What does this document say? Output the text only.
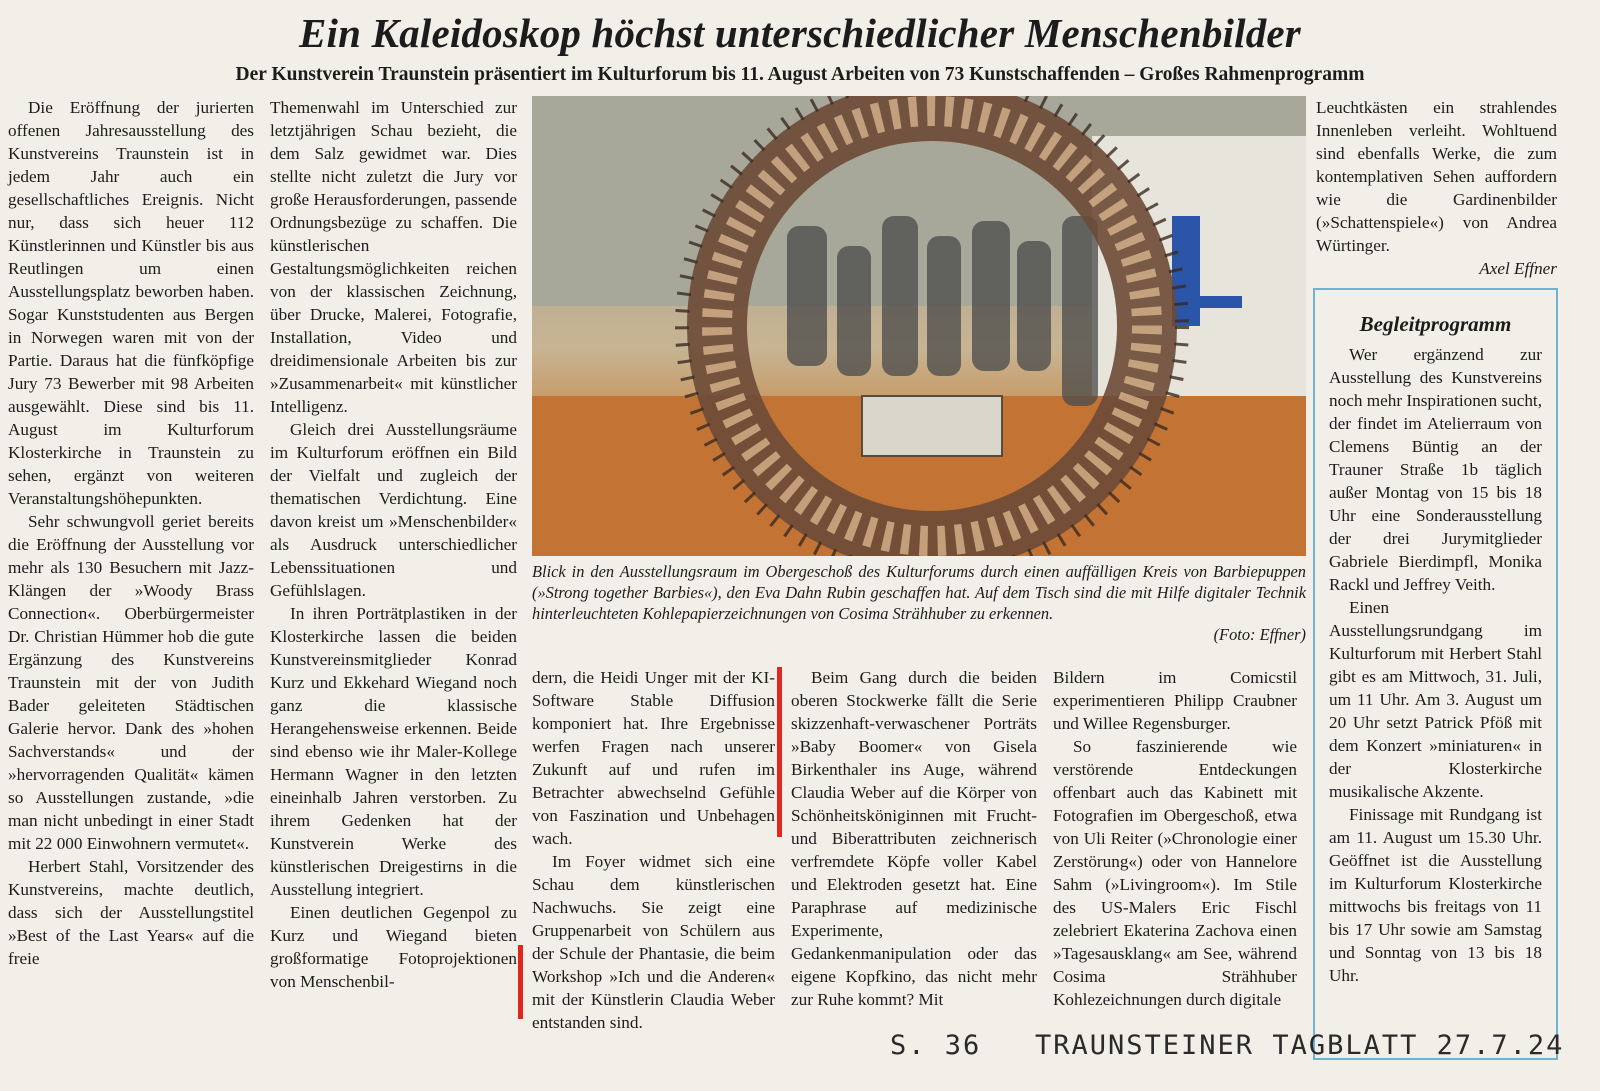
Ein Kaleidoskop höchst unterschiedlicher Menschenbilder
Der Kunstverein Traunstein präsentiert im Kulturforum bis 11. August Arbeiten von 73 Kunstschaffenden – Großes Rahmenprogramm

Die Eröffnung der jurierten offenen Jahresausstellung des Kunstvereins Traunstein ist in jedem Jahr auch ein gesellschaftliches Ereignis. Nicht nur, dass sich heuer 112 Künstlerinnen und Künstler bis aus Reutlingen um einen Ausstellungsplatz beworben haben. Sogar Kunststudenten aus Bergen in Norwegen waren mit von der Partie. Daraus hat die fünfköpfige Jury 73 Bewerber mit 98 Arbeiten ausgewählt. Diese sind bis 11. August im Kulturforum Klosterkirche in Traunstein zu sehen, ergänzt von weiteren Veranstaltungshöhepunkten.

Sehr schwungvoll geriet bereits die Eröffnung der Ausstellung vor mehr als 130 Besuchern mit Jazz-Klängen der »Woody Brass Connection«. Oberbürgermeister Dr. Christian Hümmer hob die gute Ergänzung des Kunstvereins Traunstein mit der von Judith Bader geleiteten Städtischen Galerie hervor. Dank des »hohen Sachverstands« und der »hervorragenden Qualität« kämen so Ausstellungen zustande, »die man nicht unbedingt in einer Stadt mit 22 000 Einwohnern vermutet«.

Herbert Stahl, Vorsitzender des Kunstvereins, machte deutlich, dass sich der Ausstellungstitel »Best of the Last Years« auf die freie

Themenwahl im Unterschied zur letztjährigen Schau bezieht, die dem Salz gewidmet war. Dies stellte nicht zuletzt die Jury vor große Herausforderungen, passende Ordnungsbezüge zu schaffen. Die künstlerischen Gestaltungsmöglichkeiten reichen von der klassischen Zeichnung, über Drucke, Malerei, Fotografie, Installation, Video und dreidimensionale Arbeiten bis zur »Zusammenarbeit« mit künstlicher Intelligenz.

Gleich drei Ausstellungsräume im Kulturforum eröffnen ein Bild der Vielfalt und zugleich der thematischen Verdichtung. Eine davon kreist um »Menschenbilder« als Ausdruck unterschiedlicher Lebenssituationen und Gefühlslagen.

In ihren Porträtplastiken in der Klosterkirche lassen die beiden Kunstvereinsmitglieder Konrad Kurz und Ekkehard Wiegand noch ganz die klassische Herangehensweise erkennen. Beide sind ebenso wie ihr Maler-Kollege Hermann Wagner in den letzten eineinhalb Jahren verstorben. Zu ihrem Gedenken hat der Kunstverein Werke des künstlerischen Dreigestirns in die Ausstellung integriert.

Einen deutlichen Gegenpol zu Kurz und Wiegand bieten großformatige Fotoprojektionen von Menschenbil-

Blick in den Ausstellungsraum im Obergeschoß des Kulturforums durch einen auffälligen Kreis von Barbiepuppen (»Strong together Barbies«), den Eva Dahn Rubin geschaffen hat. Auf dem Tisch sind die mit Hilfe digitaler Technik hinterleuchteten Kohlepapierzeichnungen von Cosima Strähhuber zu erkennen.
(Foto: Effner)

dern, die Heidi Unger mit der KI-Software Stable Diffusion komponiert hat. Ihre Ergebnisse werfen Fragen nach unserer Zukunft auf und rufen im Betrachter abwechselnd Gefühle von Faszination und Unbehagen wach.

Im Foyer widmet sich eine Schau dem künstlerischen Nachwuchs. Sie zeigt eine Gruppenarbeit von Schülern aus der Schule der Phantasie, die beim Workshop »Ich und die Anderen« mit der Künstlerin Claudia Weber entstanden sind.

Beim Gang durch die beiden oberen Stockwerke fällt die Serie skizzenhaft-verwaschener Porträts »Baby Boomer« von Gisela Birkenthaler ins Auge, während Claudia Weber auf die Körper von Schönheitsköniginnen mit Frucht- und Biberattributen zeichnerisch verfremdete Köpfe voller Kabel und Elektroden gesetzt hat. Eine Paraphrase auf medizinische Experimente, Gedankenmanipulation oder das eigene Kopfkino, das nicht mehr zur Ruhe kommt? Mit

Bildern im Comicstil experimentieren Philipp Craubner und Willee Regensburger.

So faszinierende wie verstörende Entdeckungen offenbart auch das Kabinett mit Fotografien im Obergeschoß, etwa von Uli Reiter (»Chronologie einer Zerstörung«) oder von Hannelore Sahm (»Livingroom«). Im Stile des US-Malers Eric Fischl zelebriert Ekaterina Zachova einen »Tagesausklang« am See, während Cosima Strähhuber Kohlezeichnungen durch digitale

Leuchtkästen ein strahlendes Innenleben verleiht. Wohltuend sind ebenfalls Werke, die zum kontemplativen Sehen auffordern wie die Gardinenbilder (»Schattenspiele«) von Andrea Würtinger.

Axel Effner

Begleitprogramm

Wer ergänzend zur Ausstellung des Kunstvereins noch mehr Inspirationen sucht, der findet im Atelierraum von Clemens Büntig an der Trauner Straße 1b täglich außer Montag von 15 bis 18 Uhr eine Sonderausstellung der drei Jurymitglieder Gabriele Bierdimpfl, Monika Rackl und Jeffrey Veith.

Einen Ausstellungsrundgang im Kulturforum mit Herbert Stahl gibt es am Mittwoch, 31. Juli, um 11 Uhr. Am 3. August um 20 Uhr setzt Patrick Pföß mit dem Konzert »miniaturen« in der Klosterkirche musikalische Akzente.

Finissage mit Rundgang ist am 11. August um 15.30 Uhr. Geöffnet ist die Ausstellung im Kulturforum Klosterkirche mittwochs bis freitags von 11 bis 17 Uhr sowie am Samstag und Sonntag von 13 bis 18 Uhr.

S. 36 TRAUNSTEINER TAGBLATT 27.7.24
